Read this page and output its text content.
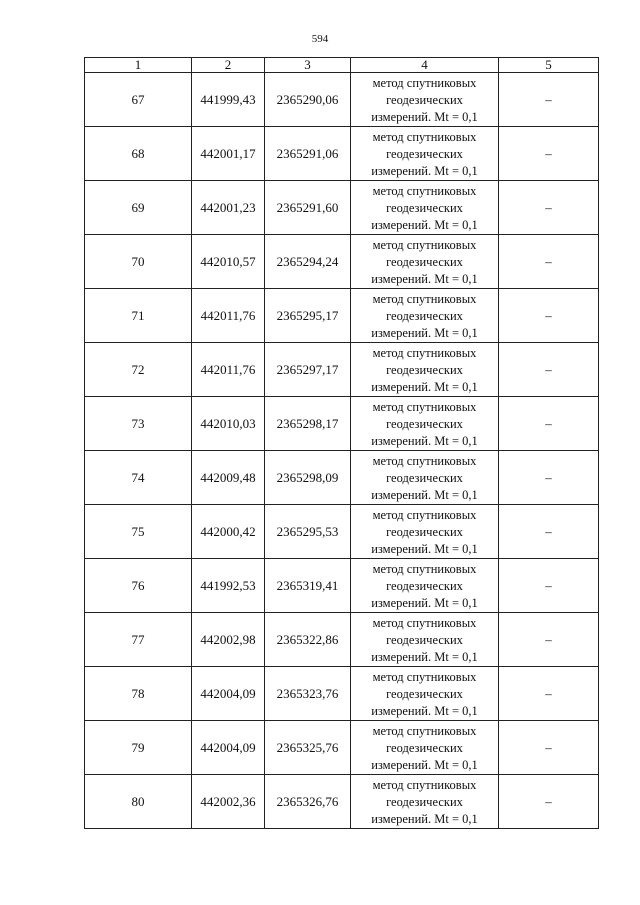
594
1	2	3	4	5
67	441999,43	2365290,06	метод спутниковых
геодезических
измерений. Mt = 0,1	–
68	442001,17	2365291,06	метод спутниковых
геодезических
измерений. Mt = 0,1	–
69	442001,23	2365291,60	метод спутниковых
геодезических
измерений. Mt = 0,1	–
70	442010,57	2365294,24	метод спутниковых
геодезических
измерений. Mt = 0,1	–
71	442011,76	2365295,17	метод спутниковых
геодезических
измерений. Mt = 0,1	–
72	442011,76	2365297,17	метод спутниковых
геодезических
измерений. Mt = 0,1	–
73	442010,03	2365298,17	метод спутниковых
геодезических
измерений. Mt = 0,1	–
74	442009,48	2365298,09	метод спутниковых
геодезических
измерений. Mt = 0,1	–
75	442000,42	2365295,53	метод спутниковых
геодезических
измерений. Mt = 0,1	–
76	441992,53	2365319,41	метод спутниковых
геодезических
измерений. Mt = 0,1	–
77	442002,98	2365322,86	метод спутниковых
геодезических
измерений. Mt = 0,1	–
78	442004,09	2365323,76	метод спутниковых
геодезических
измерений. Mt = 0,1	–
79	442004,09	2365325,76	метод спутниковых
геодезических
измерений. Mt = 0,1	–
80	442002,36	2365326,76	метод спутниковых
геодезических
измерений. Mt = 0,1	–
